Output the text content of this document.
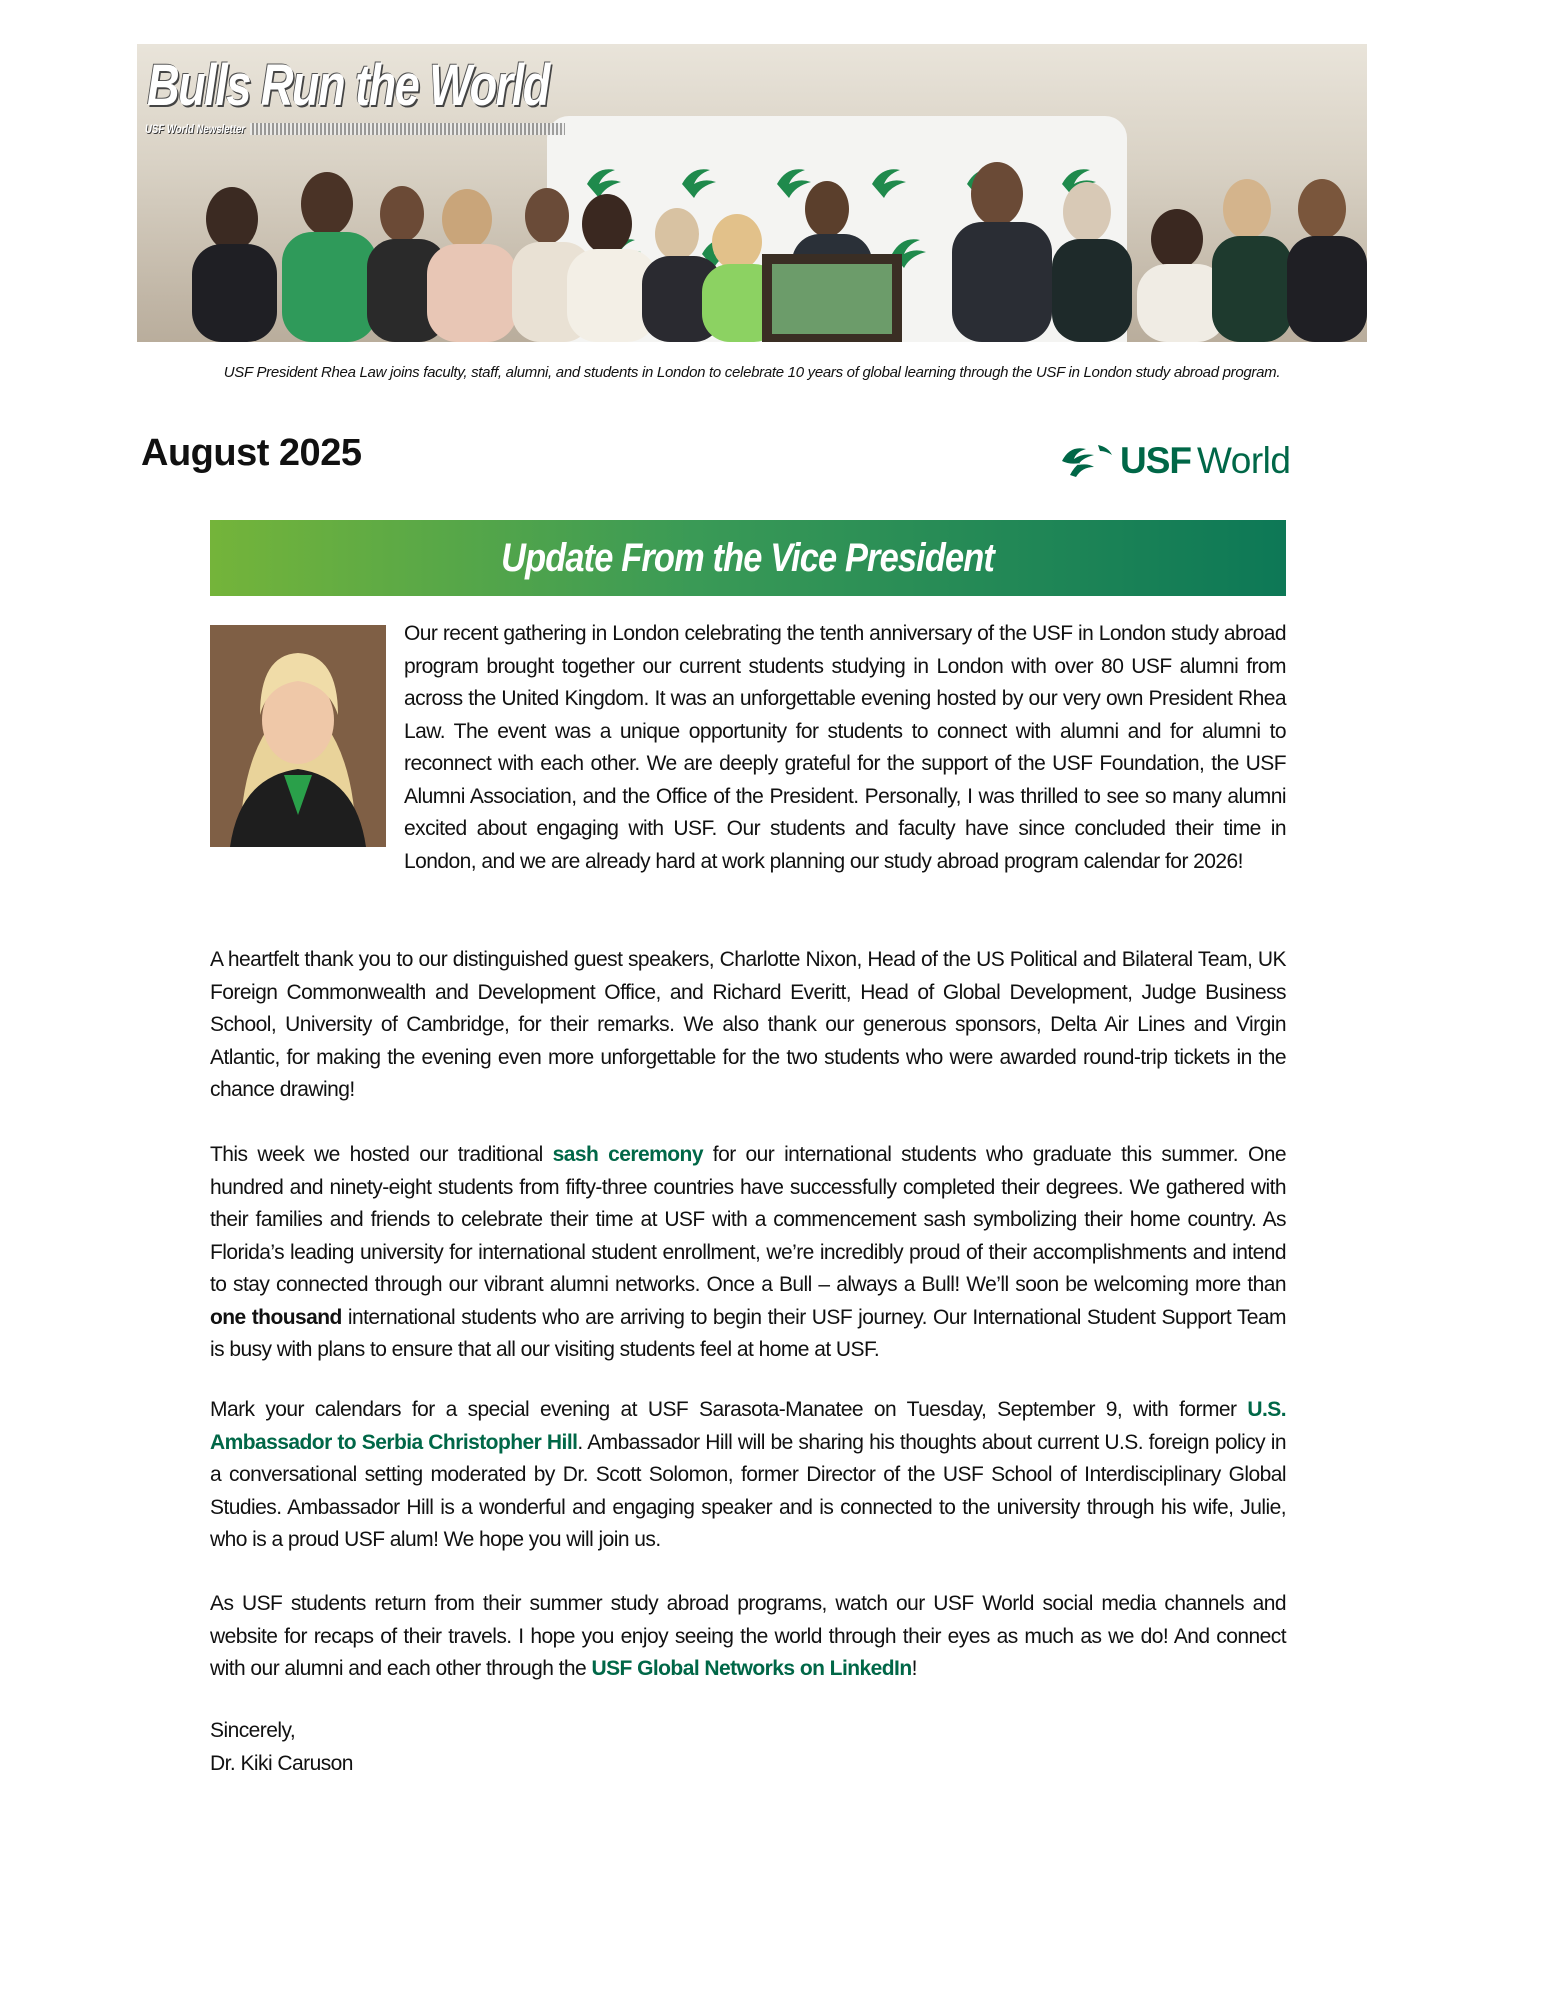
Bulls Run the World
USF World Newsletter
USF President Rhea Law joins faculty, staff, alumni, and students in London to celebrate 10 years of global learning through the USF in London study abroad program.
August 2025	USF World
Update From the Vice President

Our recent gathering in London celebrating the tenth anniversary of the USF in London study abroad program brought together our current students studying in London with over 80 USF alumni from across the United Kingdom. It was an unforgettable evening hosted by our very own President Rhea Law. The event was a unique opportunity for students to connect with alumni and for alumni to reconnect with each other. We are deeply grateful for the support of the USF Foundation, the USF Alumni Association, and the Office of the President. Personally, I was thrilled to see so many alumni excited about engaging with USF. Our students and faculty have since concluded their time in London, and we are already hard at work planning our study abroad program calendar for 2026!

A heartfelt thank you to our distinguished guest speakers, Charlotte Nixon, Head of the US Political and Bilateral Team, UK Foreign Commonwealth and Development Office, and Richard Everitt, Head of Global Development, Judge Business School, University of Cambridge, for their remarks. We also thank our generous sponsors, Delta Air Lines and Virgin Atlantic, for making the evening even more unforgettable for the two students who were awarded round-trip tickets in the chance drawing!

This week we hosted our traditional sash ceremony for our international students who graduate this summer. One hundred and ninety-eight students from fifty-three countries have successfully completed their degrees. We gathered with their families and friends to celebrate their time at USF with a commencement sash symbolizing their home country. As Florida’s leading university for international student enrollment, we’re incredibly proud of their accomplishments and intend to stay connected through our vibrant alumni networks. Once a Bull – always a Bull! We’ll soon be welcoming more than one thousand international students who are arriving to begin their USF journey. Our International Student Support Team is busy with plans to ensure that all our visiting students feel at home at USF.

Mark your calendars for a special evening at USF Sarasota-Manatee on Tuesday, September 9, with former U.S. Ambassador to Serbia Christopher Hill. Ambassador Hill will be sharing his thoughts about current U.S. foreign policy in a conversational setting moderated by Dr. Scott Solomon, former Director of the USF School of Interdisciplinary Global Studies. Ambassador Hill is a wonderful and engaging speaker and is connected to the university through his wife, Julie, who is a proud USF alum! We hope you will join us.

As USF students return from their summer study abroad programs, watch our USF World social media channels and website for recaps of their travels. I hope you enjoy seeing the world through their eyes as much as we do! And connect with our alumni and each other through the USF Global Networks on LinkedIn!

Sincerely,
Dr. Kiki Caruson
